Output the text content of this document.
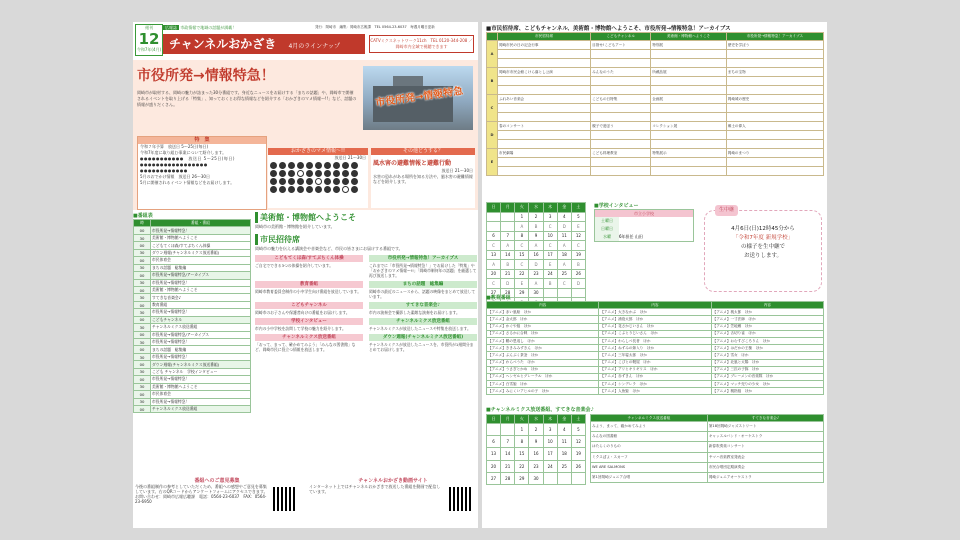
週刊
12
令和7年(4月)
広報誌 市政情報で地域の話題が満載！	発行：岡崎市　編集：岡崎市広報課　TEL 0564-23-6037　毎週月曜日更新
チャンネルおかざき 4月のラインナップ
CATVミクスネットワーク11ch　TEL 0120-344-208 ／ 岡崎市内全域で視聴できます
市役所発→情報特急！
岡崎市が取材する、岡崎の魅力が詰まった30分番組です。身近なニュースをお届けする「まちの話題」や、岡崎市で開催されるイベントを取り上げる「特集」、知っておくとお得な情報などを紹介する「おかざきのマメ情報～!!」など、話題の情報が盛りだくさん。	市役所発→情報特急
特　集
令和７年予算　放送日 5～25日(毎日)
令和7年度に取り組む事業について紹介します。
●●●●●●●●●●●　放送日 5～25日(毎日)
●●●●●●●●●●●●●●●●●
●●●●●●●●●●●●
5月のおでかけ情報　放送日 26～30日
5月に開催されるイベント情報などをお届けします。
おかざきのマメ情報～!!
放送日 21～30日
その他どうする？
風水害の避難情報と避難行動
放送日 21～30日
水害の恐れがある場所を知る方法や、風水害の避難情報などを紹介します。
■番組表
時	番組・番組
00	市役所発→情報特急！
30	美術館・博物館へようこそ
00	こどもてくほ森/すてぶちくん体操
30	ダウン週報(チャンネルミクス放送番組)
00	市民体育会
30	まちの話題　総集編
00	市役所発→情報特急/アーカイブス
30	市役所発→情報特急！
00	美術館・博物館へようこそ
30	すてきな音楽会♪
00	教育番組
30	市役所発→情報特急！
00	こどもチャンネル
30	チャンネルミクス放送番組
00	市役所発→情報特急/アーカイブス
30	市役所発→情報特急！
00	まちの話題　総集編
30	市役所発→情報特急！
00	ダウン週報(チャンネルミクス放送番組)
30	こども チャンネル　学校インタビュー
00	市役所発→情報特急！
30	美術館・博物館へようこそ
00	市民体育会
30	市役所発→情報特急！
00	チャンネルミクス放送番組
美術館・博物館へようこそ
岡崎市の美術館・博物館を紹介しています。
市民招待席
岡崎市の魅力を伝える講演会や音楽会など、市民の皆さまにお届けする番組です。
こどもてくほ森/すてぶちくん体操
ご自宅でできる3つの体操を紹介しています。
市役所発→情報特急！アーカイブス
これまでに「市役所発→情報特急！」でお届けした「特集」や「おかざきのマメ情報～!!」「岡崎市制何年の話題」を厳選して再び放送します。
教育番組
岡崎市教育委員会制作の小中学生向け番組を放送しています。
まちの話題　総集編
岡崎市の最近のニュースから、話題の映像をまとめて放送しています。
こどもチャンネル
岡崎市のお子さんや保護者向けの番組をお届けします。
すてきな音楽会♪
市内の演奏会で撮影した素敵な演奏をお届けします。
学校インタビュー
市内の小中学校を訪問して学校の魅力を紹介します。
チャンネルミクス放送番組
チャンネルミクスが放送したニュースや特集を放送します。
チャンネルミクス放送番組
「おって、まって、確かめてみよう」「みんなの図書館」など、岡崎市民に役立つ情報を放送します。
ダウン週報(チャンネルミクス放送番組)
チャンネルミクスが放送したニュースを、市役所が1週間分まとめてお届けします。
番組へのご意見募集
今後の番組制作の参考としていただくため、番組への感想やご意見を募集しています。右のQRコードからアンケートフォームにアクセスできます。お問い合わせ：岡崎市広報広聴課　電話：0564-23-6037　FAX：0564-23-6950
チャンネルおかざき動画サイト
インターネット上ではチャンネルおかざきで放送した番組を動画で配信しています。
■市民招待席、こどもチャンネル、美術館・博物館へようこそ、市役所発→情報特急！アーカイブス
	市民招待席	こどもチャンネル	美術館・博物館へようこそ	市役所発→情報特急！アーカイブス
A	岡崎市民の日の記念行事	目指せ!こどもアート	特別展	歴史を学ぼう

B	岡崎市市民会館こけら落とし公演	みんなのうた	所蔵品展	まちの宝物

C	ふれあい音楽会	こどもの日特集	企画展	岡崎城の歴史

D	春のコンサート	親子で遊ぼう	コレクション展	郷土の偉人

E	市民劇場	こども料理教室	特集展示	岡崎のまつり

日	月	火	水	木	金	土
		1	2	3	4	5
		A	B	C	D	E
6	7	8	9	10	11	12
C	A	C	A	C	A	C
13	14	15	16	17	18	19
A	B	C	D	E	A	B
20	21	22	23	24	25	26
C	D	E	A	B	C	D
27	28	29	30			

■学校インタビュー
市立小学校
土曜日
日曜日
水曜	6年担任 山田
生中継
4月6日(日)12時45分から
「令和7年度 新規学校」
の様子を生中継で
お送りします。
■教育番組
内容	内容	内容
【アニメ】赤い風船　ほか	【アニメ】大きなかぶ　ほか	【アニメ】桃太郎　ほか
【アニメ】金太郎　ほか	【アニメ】浦島太郎　ほか	【アニメ】一寸法師　ほか
【アニメ】かぐや姫　ほか	【アニメ】花さかじいさん　ほか	【アニメ】笠地蔵　ほか
【アニメ】さるかに合戦　ほか	【アニメ】こぶとりじいさん　ほか	【アニメ】舌切り雀　ほか
【アニメ】鶴の恩返し　ほか	【アニメ】わらしべ長者　ほか	【アニメ】おむすびころりん　ほか
【アニメ】ききみみずきん　ほか	【アニメ】ねずみの嫁入り　ほか	【アニメ】はだかの王様　ほか
【アニメ】ぶんぶく茶釜　ほか	【アニメ】三年寝太郎　ほか	【アニメ】雪女　ほか
【アニメ】わらべうた　ほか	【アニメ】こびとの靴屋　ほか	【アニメ】北風と太陽　ほか
【アニメ】うさぎとかめ　ほか	【アニメ】アリとキリギリス　ほか	【アニメ】三匹の子豚　ほか
【アニメ】ヘンゼルとグレーテル　ほか	【アニメ】赤ずきん　ほか	【アニメ】ブレーメンの音楽隊　ほか
【アニメ】白雪姫　ほか	【アニメ】シンデレラ　ほか	【アニメ】マッチ売りの少女　ほか
【アニメ】みにくいアヒルの子　ほか	【アニメ】人魚姫　ほか	【アニメ】親指姫　ほか
■チャンネルミクス放送番組、すてきな音楽会♪
日	月	火	水	木	金	土
		1	2	3	4	5
6	7	8	9	10	11	12
13	14	15	16	17	18	19
20	21	22	23	24	25	26
27	28	29	30			
チャンネルミクス放送番組	すてきな音楽会♪
みよう、まって、確かめてみよう	第18回岡崎ジャズストリート
みんなの図書館	キャッスルバンド・オーケストラ
はたらくのりもの	新春吹奏楽コンサート
ミクスぽよ・スカーフ	ヤマハ音楽教室発表会
WE ARE SALMONS	市民合唱団定期演奏会
第1回岡崎ジュニア合唱	岡崎ジュニアオーケストラ
